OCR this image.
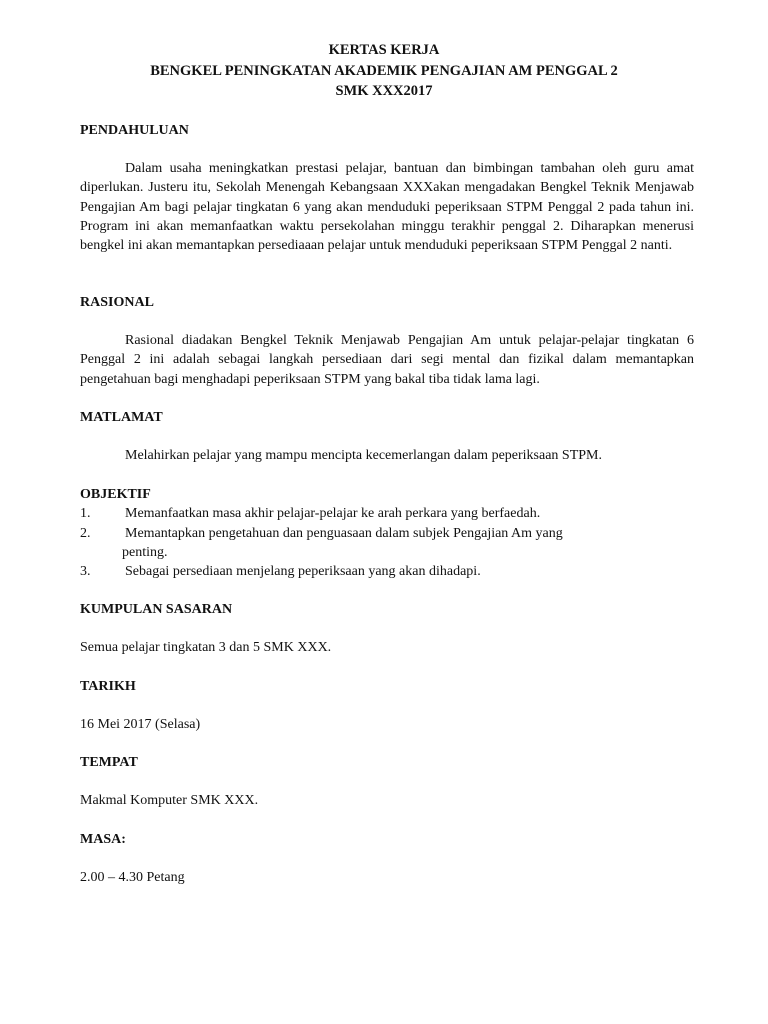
KERTAS KERJA
BENGKEL PENINGKATAN AKADEMIK PENGAJIAN AM PENGGAL 2
SMK XXX2017
PENDAHULUAN
Dalam usaha meningkatkan prestasi pelajar, bantuan dan bimbingan tambahan oleh guru amat diperlukan. Justeru itu, Sekolah Menengah Kebangsaan XXXakan mengadakan Bengkel Teknik Menjawab Pengajian Am bagi pelajar tingkatan 6 yang akan menduduki peperiksaan STPM Penggal 2 pada tahun ini. Program ini akan memanfaatkan waktu persekolahan minggu terakhir penggal 2. Diharapkan menerusi bengkel ini akan memantapkan persediaaan pelajar untuk menduduki peperiksaan STPM Penggal 2 nanti.
RASIONAL
Rasional diadakan Bengkel Teknik Menjawab Pengajian Am untuk pelajar-pelajar tingkatan 6 Penggal 2 ini adalah sebagai langkah persediaan dari segi mental dan fizikal dalam memantapkan pengetahuan bagi menghadapi peperiksaan STPM yang bakal tiba tidak lama lagi.
MATLAMAT
Melahirkan pelajar yang mampu mencipta kecemerlangan dalam peperiksaan STPM.
OBJEKTIF
1. Memanfaatkan masa akhir pelajar-pelajar ke arah perkara yang berfaedah.
2. Memantapkan pengetahuan dan penguasaan dalam subjek Pengajian Am yang
penting.
3. Sebagai persediaan menjelang peperiksaan yang akan dihadapi.
KUMPULAN SASARAN
Semua pelajar tingkatan 3 dan 5 SMK XXX.
TARIKH
16 Mei 2017 (Selasa)
TEMPAT
Makmal Komputer SMK XXX.
MASA:
2.00 – 4.30 Petang
